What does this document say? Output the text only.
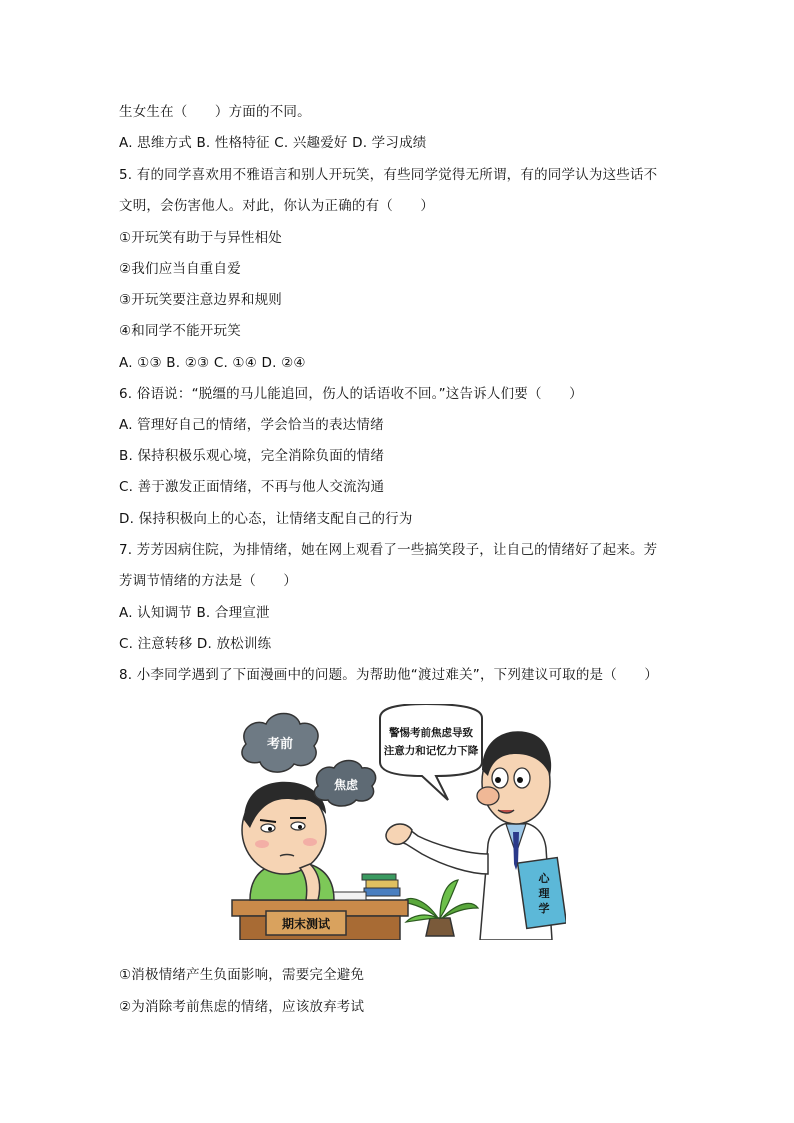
生女生在（　　）方面的不同。
A. 思维方式 B. 性格特征 C. 兴趣爱好 D. 学习成绩
5. 有的同学喜欢用不雅语言和别人开玩笑，有些同学觉得无所谓，有的同学认为这些话不
文明，会伤害他人。对此，你认为正确的有（　　）
①开玩笑有助于与异性相处
②我们应当自重自爱
③开玩笑要注意边界和规则
④和同学不能开玩笑
A. ①③ B. ②③ C. ①④ D. ②④
6. 俗语说：“脱缰的马儿能追回，伤人的话语收不回。”这告诉人们要（　　）
A. 管理好自己的情绪，学会恰当的表达情绪
B. 保持积极乐观心境，完全消除负面的情绪
C. 善于激发正面情绪，不再与他人交流沟通
D. 保持积极向上的心态，让情绪支配自己的行为
7. 芳芳因病住院，为排情绪，她在网上观看了一些搞笑段子，让自己的情绪好了起来。芳
芳调节情绪的方法是（　　）
A. 认知调节 B. 合理宣泄
C. 注意转移 D. 放松训练
8. 小李同学遇到了下面漫画中的问题。为帮助他“渡过难关”，下列建议可取的是（　　）
①消极情绪产生负面影响，需要完全避免
②为消除考前焦虑的情绪，应该放弃考试
期末测试
考前
焦虑
警惕考前焦虑导致
注意力和记忆力下降
心
理
学
